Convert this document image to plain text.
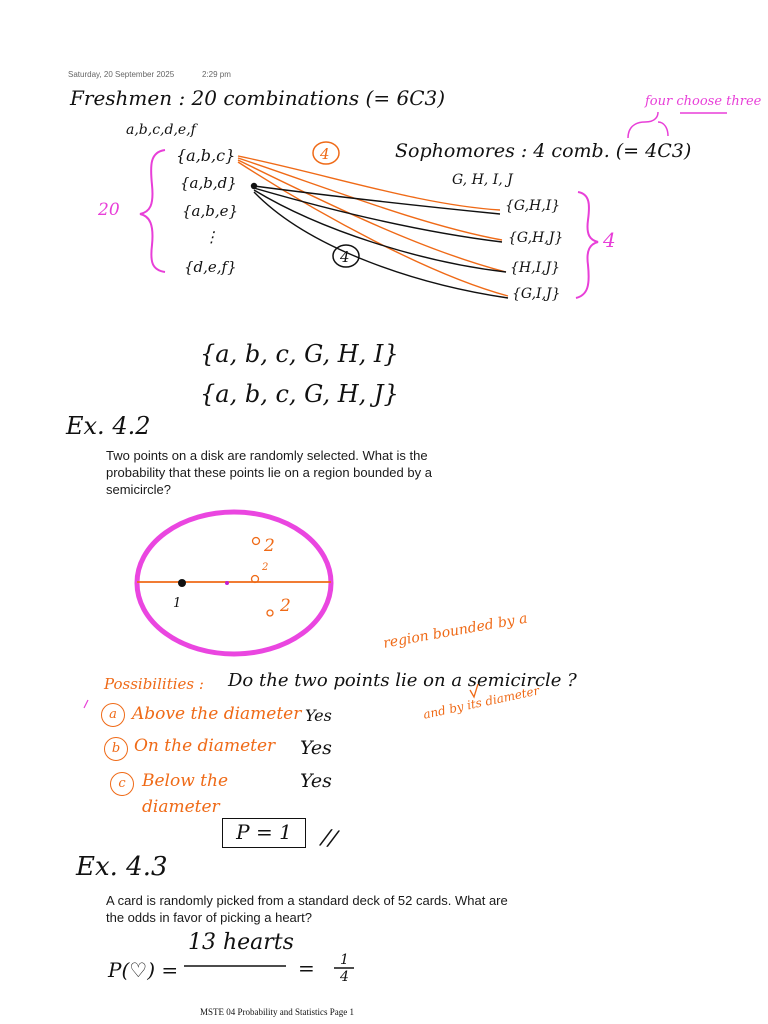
Saturday, 20 September 2025	2:29 pm
Freshmen : 20 combinations (= 6C3)
a,b,c,d,e,f
{a,b,c}
{a,b,d}
{a,b,e}
⋮
{d,e,f}
20
four choose three
Sophomores : 4 comb. (= 4C3)
G, H, I, J
{G,H,I}
{G,H,J}
{H,I,J}
{G,I,J}
4
{a, b, c, G, H, I}
{a, b, c, G, H, J}
Ex. 4.2
Two points on a disk are randomly selected. What is the probability that these points lie on a region bounded by a semicircle?
1
2
2
2
Possibilities : Do the two points lie on a semicircle ?
region bounded by a
and by its diameter
a Above the diameter Yes
b On the diameter Yes
c Below the diameter
Yes
P = 1	//
Ex. 4.3
A card is randomly picked from a standard deck of 52 cards. What are the odds in favor of picking a heart?
P(♡) =
13 hearts
= 1
4
MSTE 04 Probability and Statistics Page 1
4
4
